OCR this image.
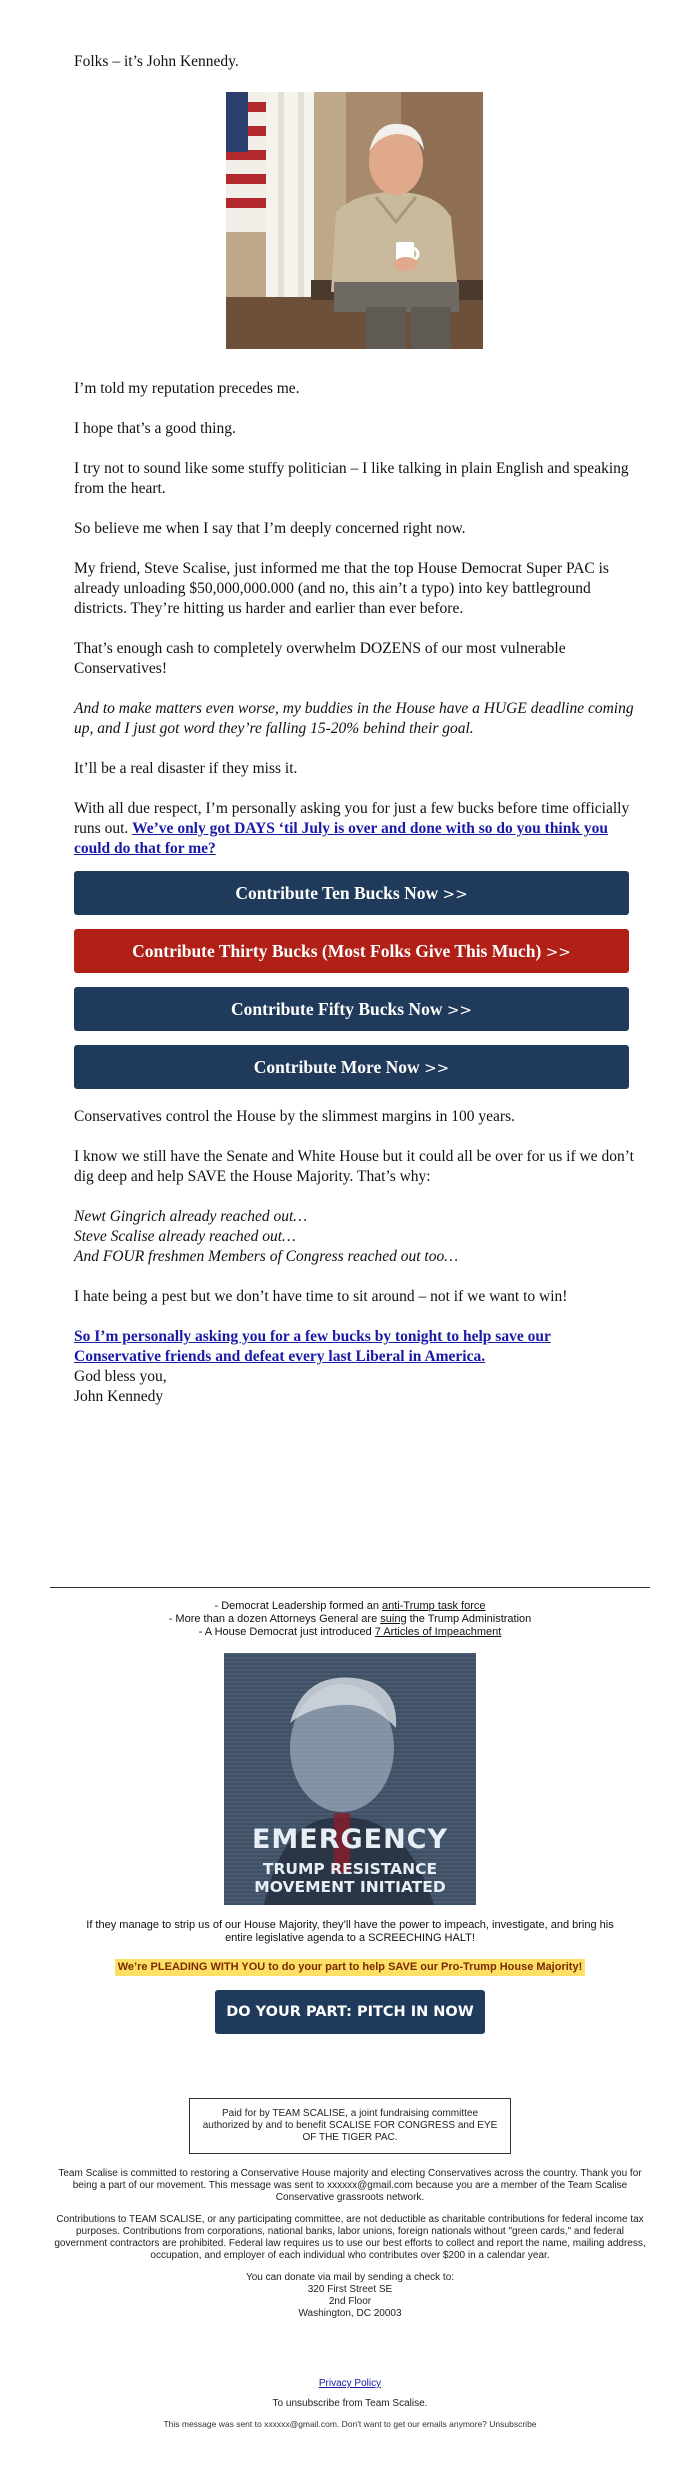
Folks – it’s John Kennedy.

I’m told my reputation precedes me.

I hope that’s a good thing.

I try not to sound like some stuffy politician – I like talking in plain English and speaking from the heart.

So believe me when I say that I’m deeply concerned right now.

My friend, Steve Scalise, just informed me that the top House Democrat Super PAC is already unloading $50,000,000.000 (and no, this ain’t a typo) into key battleground districts. They’re hitting us harder and earlier than ever before.

That’s enough cash to completely overwhelm DOZENS of our most vulnerable Conservatives!

And to make matters even worse, my buddies in the House have a HUGE deadline coming up, and I just got word they’re falling 15-20% behind their goal.

It’ll be a real disaster if they miss it.

With all due respect, I’m personally asking you for just a few bucks before time officially runs out. We’ve only got DAYS ‘til July is over and done with so do you think you could do that for me?

Contribute Ten Bucks Now >>
Contribute Thirty Bucks (Most Folks Give This Much) >>
Contribute Fifty Bucks Now >>
Contribute More Now >>

Conservatives control the House by the slimmest margins in 100 years.

I know we still have the Senate and White House but it could all be over for us if we don’t dig deep and help SAVE the House Majority. That’s why:

Newt Gingrich already reached out…
Steve Scalise already reached out…
And FOUR freshmen Members of Congress reached out too…

I hate being a pest but we don’t have time to sit around – not if we want to win!

So I’m personally asking you for a few bucks by tonight to help save our Conservative friends and defeat every last Liberal in America.

God bless you,

John Kennedy

- Democrat Leadership formed an anti-Trump task force
- More than a dozen Attorneys General are suing the Trump Administration
- A House Democrat just introduced 7 Articles of Impeachment
EMERGENCY
TRUMP RESISTANCE
MOVEMENT INITIATED
If they manage to strip us of our House Majority, they’ll have the power to impeach, investigate, and bring his entire legislative agenda to a SCREECHING HALT!
We’re PLEADING WITH YOU to do your part to help SAVE our Pro-Trump House Majority!
DO YOUR PART: PITCH IN NOW
Paid for by TEAM SCALISE, a joint fundraising committee authorized by and to benefit SCALISE FOR CONGRESS and EYE OF THE TIGER PAC.

Team Scalise is committed to restoring a Conservative House majority and electing Conservatives across the country. Thank you for being a part of our movement. This message was sent to xxxxxx@gmail.com because you are a member of the Team Scalise Conservative grassroots network.

Contributions to TEAM SCALISE, or any participating committee, are not deductible as charitable contributions for federal income tax purposes. Contributions from corporations, national banks, labor unions, foreign nationals without "green cards," and federal government contractors are prohibited. Federal law requires us to use our best efforts to collect and report the name, mailing address, occupation, and employer of each individual who contributes over $200 in a calendar year.

You can donate via mail by sending a check to:
320 First Street SE
2nd Floor
Washington, DC 20003
Privacy Policy
To unsubscribe from Team Scalise.
This message was sent to xxxxxx@gmail.com. Don't want to get our emails anymore? Unsubscribe
